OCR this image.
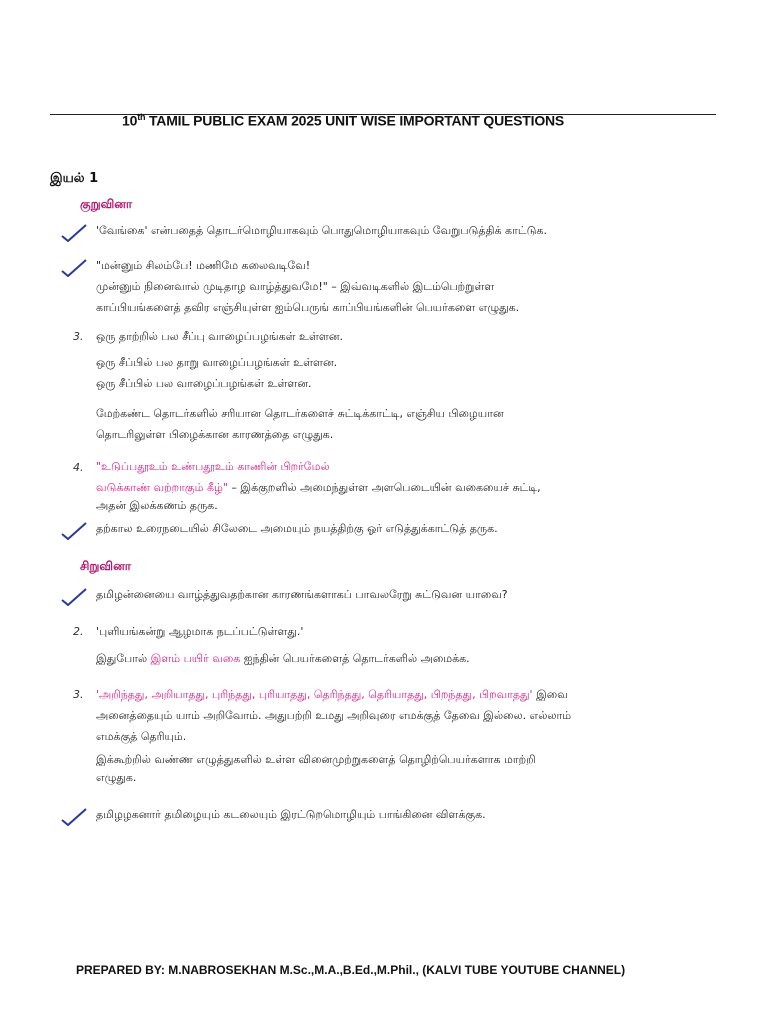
10th TAMIL PUBLIC EXAM 2025 UNIT WISE IMPORTANT QUESTIONS
இயல் 1
குறுவினா
'வேங்கை' என்பதைத் தொடர்மொழியாகவும் பொதுமொழியாகவும் வேறுபடுத்திக் காட்டுக.
"மன்னும் சிலம்பே! மணிமே கலைவடிவே!
முன்னும் நினைவால் முடிதாழ வாழ்த்துவமே!" – இவ்வடிகளில் இடம்பெற்றுள்ள
காப்பியங்களைத் தவிர எஞ்சியுள்ள ஐம்பெருங் காப்பியங்களின் பெயர்களை எழுதுக.
3. ஒரு தாற்றில் பல சீப்பு வாழைப்பழங்கள் உள்ளன.
ஒரு சீப்பில் பல தாறு வாழைப்பழங்கள் உள்ளன.
ஒரு சீப்பில் பல வாழைப்பழங்கள் உள்ளன.
மேற்கண்ட தொடர்களில் சரியான தொடர்களைச் சுட்டிக்காட்டி, எஞ்சிய பிழையான
தொடரிலுள்ள பிழைக்கான காரணத்தை எழுதுக.
4. "உடுப்பதூஉம் உண்பதூஉம் காணின் பிறர்மேல்
வடுக்காண் வற்றாகும் கீழ்" – இக்குறளில் அமைந்துள்ள அளபெடையின் வகையைச் சுட்டி,
அதன் இலக்கணம் தருக.
தற்கால உரைநடையில் சிலேடை அமையும் நயத்திற்கு ஓர் எடுத்துக்காட்டுத் தருக.
சிறுவினா
தமிழன்னையை வாழ்த்துவதற்கான காரணங்களாகப் பாவலரேறு சுட்டுவன யாவை?
2. 'புளியங்கன்று ஆழமாக நடப்பட்டுள்ளது.'
இதுபோல் இளம் பயிர் வகை ஐந்தின் பெயர்களைத் தொடர்களில் அமைக்க.
3. 'அறிந்தது, அறியாதது, புரிந்தது, புரியாதது, தெரிந்தது, தெரியாதது, பிறந்தது, பிறவாதது' இவை
அனைத்தையும் யாம் அறிவோம். அதுபற்றி உமது அறிவுரை எமக்குத் தேவை இல்லை. எல்லாம்
எமக்குத் தெரியும்.
இக்கூற்றில் வண்ண எழுத்துகளில் உள்ள வினைமுற்றுகளைத் தொழிற்பெயர்களாக மாற்றி
எழுதுக.
தமிழழகனார் தமிழையும் கடலையும் இரட்டுறமொழியும் பாங்கினை விளக்குக.
PREPARED BY: M.NABROSEKHAN M.Sc.,M.A.,B.Ed.,M.Phil., (KALVI TUBE YOUTUBE CHANNEL)
